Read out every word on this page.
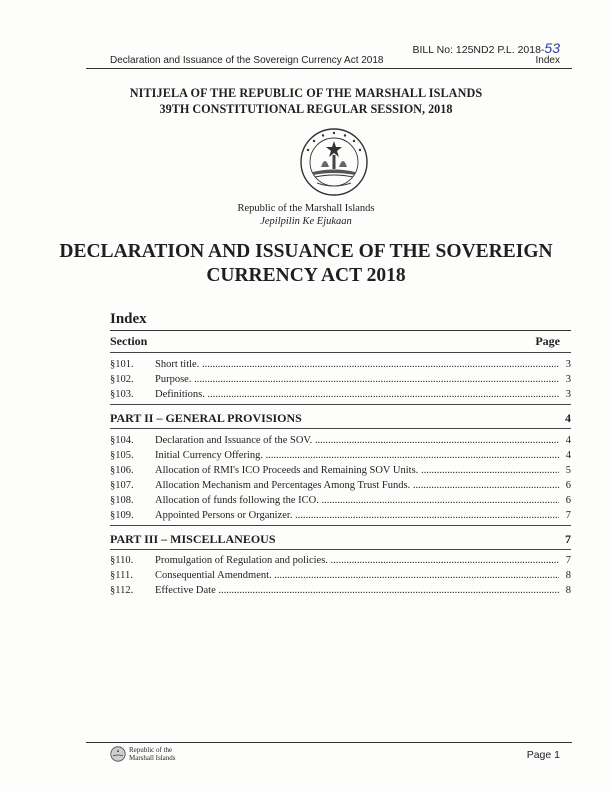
BILL No: 125ND2 P.L. 2018-53
Declaration and Issuance of the Sovereign Currency Act 2018	Index
NITIJELA OF THE REPUBLIC OF THE MARSHALL ISLANDS
39TH CONSTITUTIONAL REGULAR SESSION, 2018
Republic of the Marshall Islands
Jepilpilin Ke Ejukaan
DECLARATION AND ISSUANCE OF THE SOVEREIGN
CURRENCY ACT 2018
Index
Section	Page
§101. Short title. .....	3
§102. Purpose. .....	3
§103. Definitions. .....	3
PART II – GENERAL PROVISIONS	4
§104. Declaration and Issuance of the SOV. .....	4
§105. Initial Currency Offering. .....	4
§106. Allocation of RMI's ICO Proceeds and Remaining SOV Units. .....	5
§107. Allocation Mechanism and Percentages Among Trust Funds. .....	6
§108. Allocation of funds following the ICO. .....	6
§109. Appointed Persons or Organizer. .....	7
PART III – MISCELLANEOUS	7
§110. Promulgation of Regulation and policies. .....	7
§111. Consequential Amendment. .....	8
§112. Effective Date .....	8
Republic of the
Marshall Islands	Page 1
